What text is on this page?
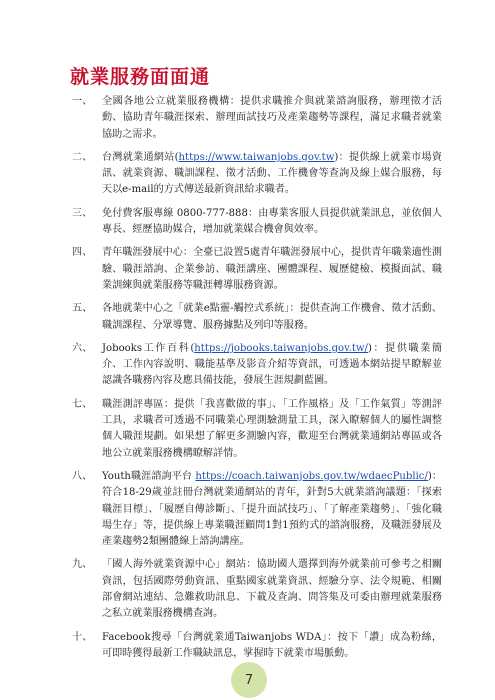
就業服務面面通
一、 全國各地公立就業服務機構：提供求職推介與就業諮詢服務，辦理徵才活動、協助青年職涯探索、辦理面試技巧及產業趨勢等課程，滿足求職者就業協助之需求。
二、 台灣就業通網站(https://www.taiwanjobs.gov.tw)：提供線上就業市場資訊、就業資源、職訓課程、徵才活動、工作機會等查詢及線上媒合服務，每天以e-mail的方式傳送最新資訊給求職者。
三、 免付費客服專線 0800-777-888：由專業客服人員提供就業訊息，並依個人專長、經歷協助媒合，增加就業媒合機會與效率。
四、 青年職涯發展中心：全臺已設置5處青年職涯發展中心，提供青年職業適性測驗、職涯諮詢、企業參訪、職涯講座、團體課程、履歷健檢、模擬面試、職業訓練與就業服務等職涯轉導服務資源。
五、 各地就業中心之「就業e點靈-觸控式系統」：提供查詢工作機會、徵才活動、職訓課程、分眾導覽、服務據點及列印等服務。
六、 Jobooks工作百科(https://jobooks.taiwanjobs.gov.tw/)：提供職業簡介、工作內容說明、職能基準及影音介紹等資訊，可透過本網站提早瞭解並認識各職務內容及應具備技能，發展生涯規劃藍圖。
七、 職涯測評專區：提供「我喜歡做的事」、「工作風格」及「工作氣質」等測評工具，求職者可透過不同職業心理測驗測量工具，深入瞭解個人的屬性調整個人職涯規劃。如果想了解更多測驗內容，歡迎至台灣就業通網站專區或各地公立就業服務機構瞭解詳情。
八、 Youth職涯諮詢平台 https://coach.taiwanjobs.gov.tw/wdaecPublic/)：符合18-29歲並註冊台灣就業通網站的青年，針對5大就業諮詢議題：「探索職涯目標」、「履歷自傳診斷」、「提升面試技巧」、「了解產業趨勢」、「強化職場生存」等，提供線上專業職涯顧問1對1預約式的諮詢服務，及職涯發展及產業趨勢2類團體線上諮詢講座。
九、 「國人海外就業資源中心」網站：協助國人選擇到海外就業前可參考之相關資訊，包括國際勞動資訊、重點國家就業資訊、經驗分享、法令規範、相關部會網站連結、急難救助訊息、下載及查詢、問答集及可委由辦理就業服務之私立就業服務機構查詢。
十、 Facebook搜尋「台灣就業通Taiwanjobs WDA」：按下「讚」成為粉絲，可即時獲得最新工作職缺訊息，掌握時下就業市場脈動。
7
